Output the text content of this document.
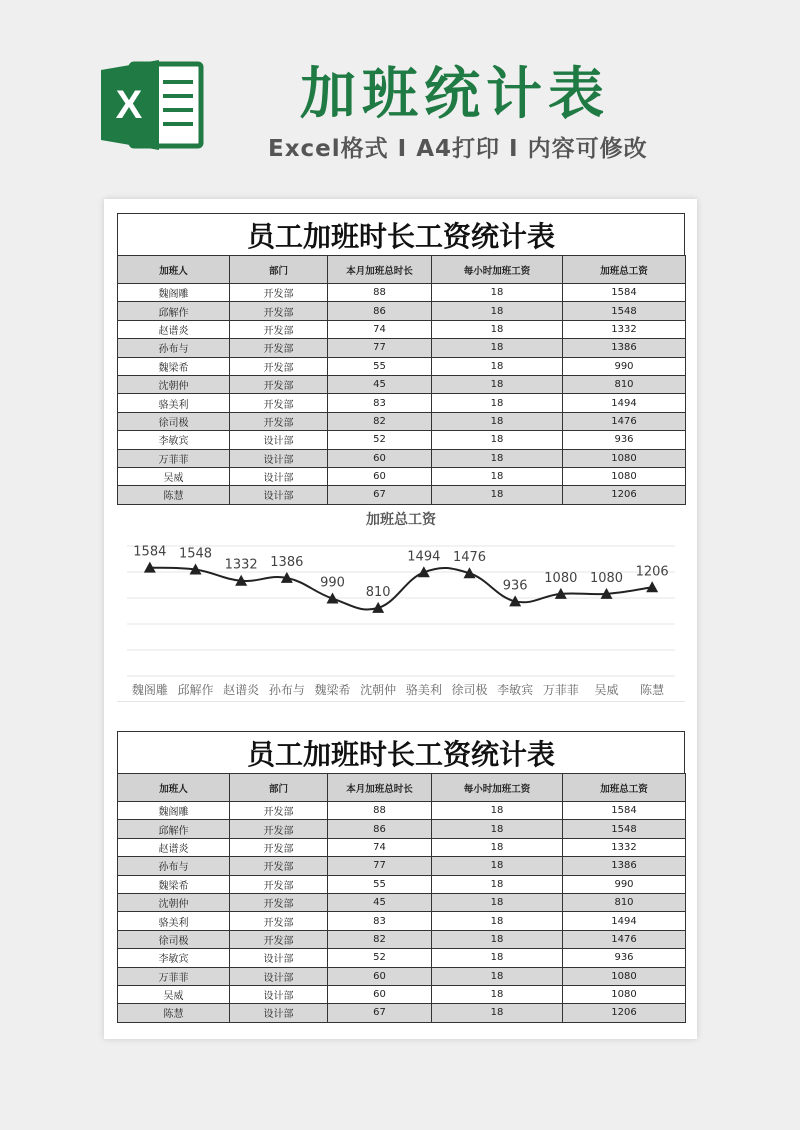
X	加班统计表
Excel格式 I A4打印 I 内容可修改
员工加班时长工资统计表
加班人	部门	本月加班总时长	每小时加班工资	加班总工资
魏阁雕	开发部	88	18	1584
邱解作	开发部	86	18	1548
赵谱炎	开发部	74	18	1332
孙布与	开发部	77	18	1386
魏梁希	开发部	55	18	990
沈朝仲	开发部	45	18	810
骆美利	开发部	83	18	1494
徐司极	开发部	82	18	1476
李敏宾	设计部	52	18	936
万菲菲	设计部	60	18	1080
吴威	设计部	60	18	1080
陈慧	设计部	67	18	1206
加班总工资
1584 1548
1332 1386
990
810
1494 1476
936 1080 1080 1206
魏阁雕 邱解作 赵谱炎 孙布与 魏梁希 沈朝仲 骆美利 徐司极 李敏宾 万菲菲 吴威 陈慧
员工加班时长工资统计表
加班人	部门	本月加班总时长	每小时加班工资	加班总工资
魏阁雕	开发部	88	18	1584
邱解作	开发部	86	18	1548
赵谱炎	开发部	74	18	1332
孙布与	开发部	77	18	1386
魏梁希	开发部	55	18	990
沈朝仲	开发部	45	18	810
骆美利	开发部	83	18	1494
徐司极	开发部	82	18	1476
李敏宾	设计部	52	18	936
万菲菲	设计部	60	18	1080
吴威	设计部	60	18	1080
陈慧	设计部	67	18	1206
